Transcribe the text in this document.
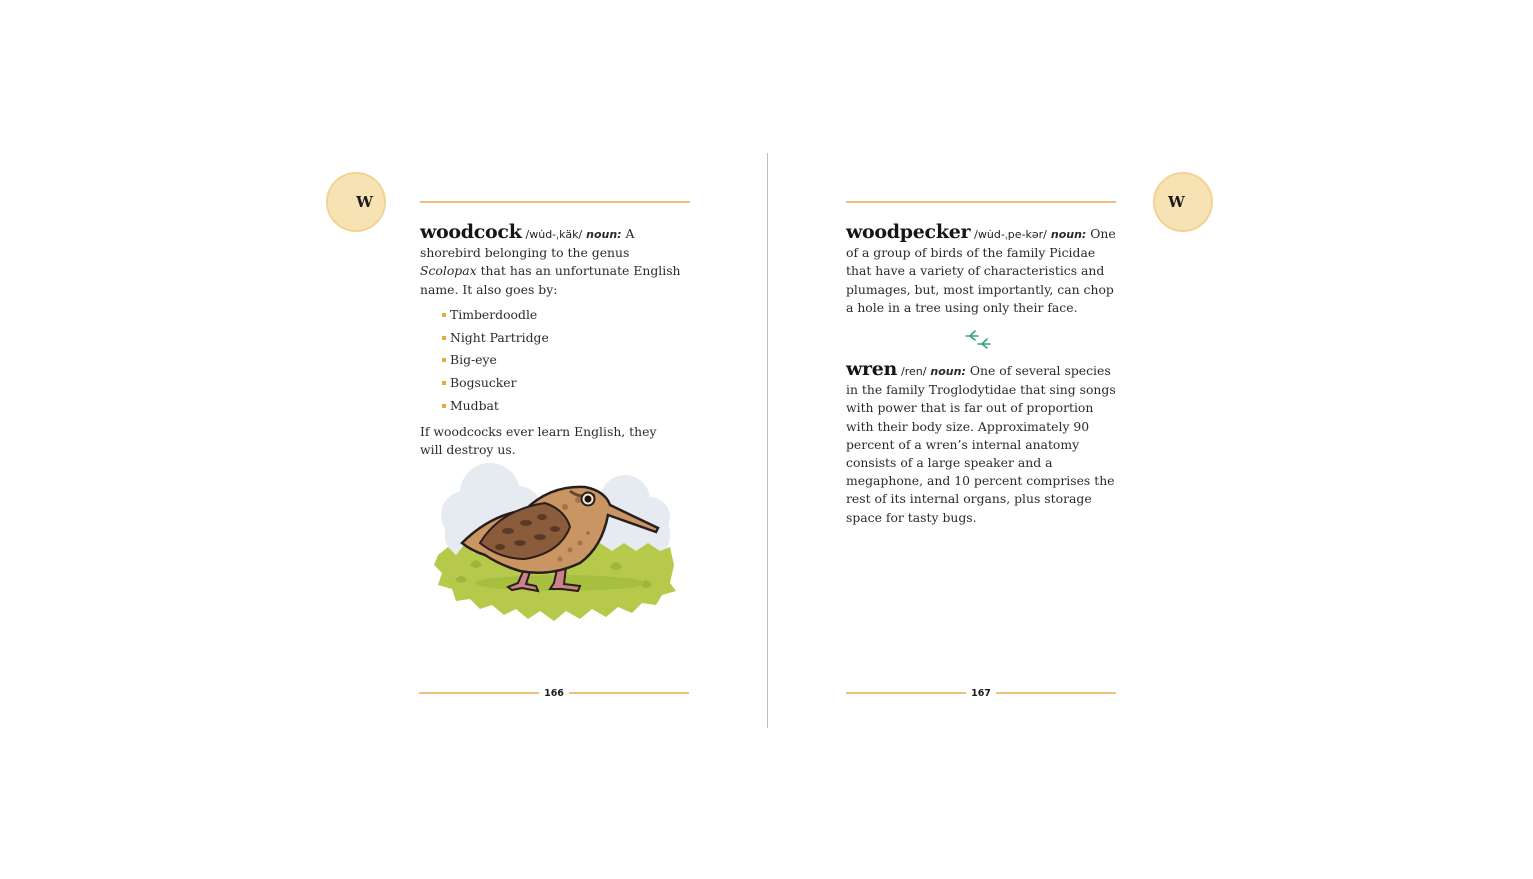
W

woodcock /wu̇d-ˌkäk/ noun: A shorebird belonging to the genus Scolopax that has an unfortunate English name. It also goes by:

Timberdoodle
Night Partridge
Big-eye
Bogsucker
Mudbat

If woodcocks ever learn English, they will destroy us.

166
W

woodpecker /wu̇d-ˌpe-kər/ noun: One of a group of birds of the family Picidae that have a variety of characteristics and plumages, but, most importantly, can chop a hole in a tree using only their face.

wren /ren/ noun: One of several species in the family Troglodytidae that sing songs with power that is far out of proportion with their body size. Approximately 90 percent of a wren’s internal anatomy consists of a large speaker and a megaphone, and 10 percent comprises the rest of its internal organs, plus storage space for tasty bugs.

167
